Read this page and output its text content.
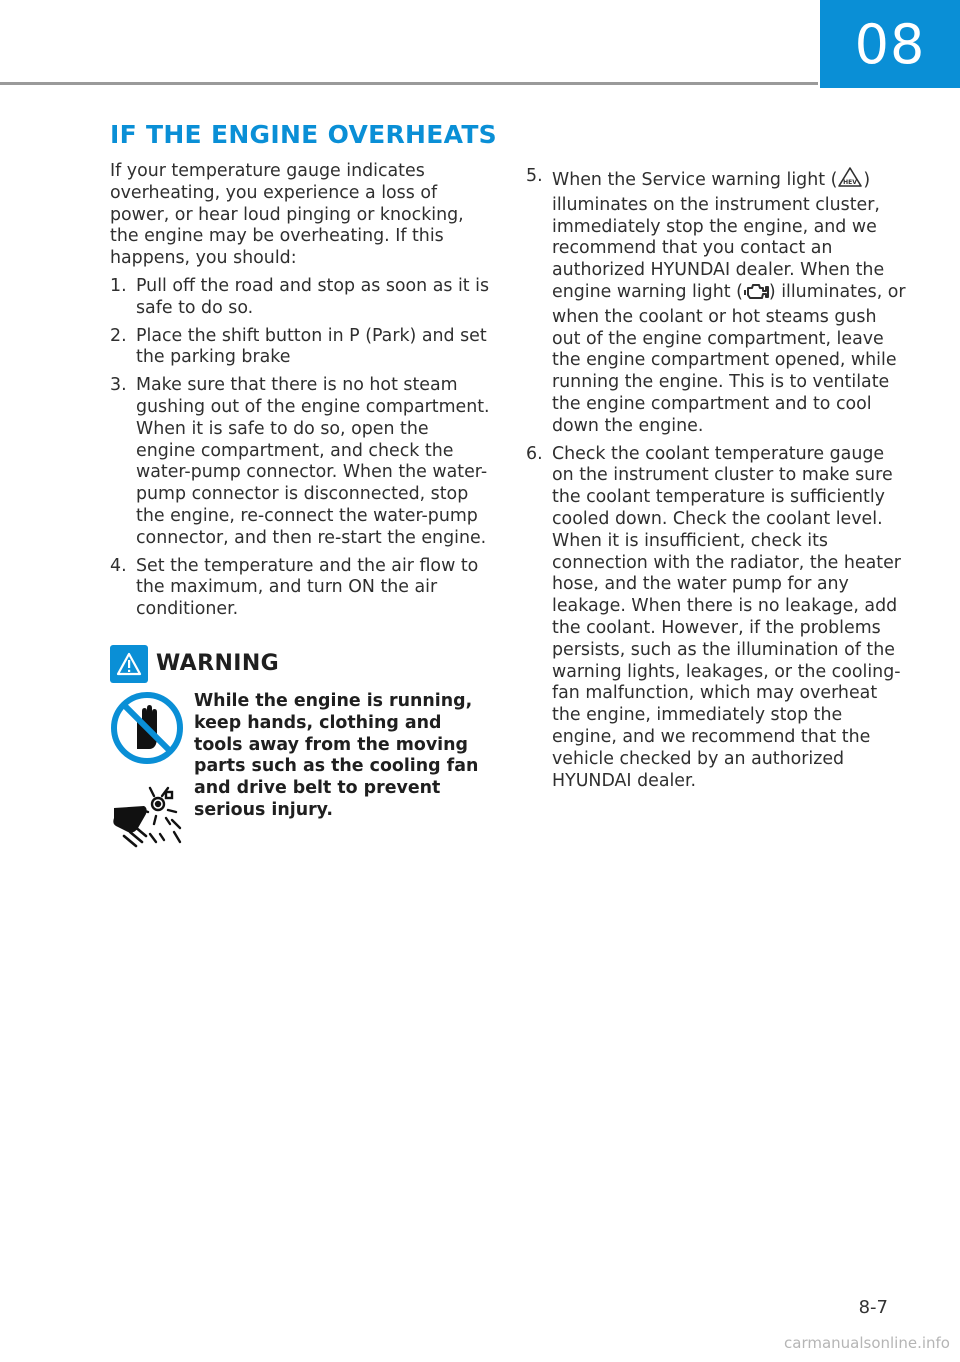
08
IF THE ENGINE OVERHEATS

If your temperature gauge indicates overheating, you experience a loss of power, or hear loud pinging or knocking, the engine may be overheating. If this happens, you should:

1. Pull off the road and stop as soon as it is safe to do so.
2. Place the shift button in P (Park) and set the parking brake
3. Make sure that there is no hot steam gushing out of the engine compartment. When it is safe to do so, open the engine compartment, and check the water-pump connector. When the water-pump connector is disconnected, stop the engine, re-connect the water-pump connector, and then re-start the engine.
4. Set the temperature and the air flow to the maximum, and turn ON the air conditioner.
WARNING
While the engine is running, keep hands, clothing and tools away from the moving parts such as the cooling fan and drive belt to prevent serious injury.
5. When the Service warning light ( HEV ) illuminates on the instrument cluster, immediately stop the engine, and we recommend that you contact an authorized HYUNDAI dealer. When the engine warning light ( ) illuminates, or when the coolant or hot steams gush out of the engine compartment, leave the engine compartment opened, while running the engine. This is to ventilate the engine compartment and to cool down the engine.
6. Check the coolant temperature gauge on the instrument cluster to make sure the coolant temperature is sufficiently cooled down. Check the coolant level. When it is insufficient, check its connection with the radiator, the heater hose, and the water pump for any leakage. When there is no leakage, add the coolant. However, if the problems persists, such as the illumination of the warning lights, leakages, or the cooling-fan malfunction, which may overheat the engine, immediately stop the engine, and we recommend that the vehicle checked by an authorized HYUNDAI dealer.
8-7
carmanualsonline.info
